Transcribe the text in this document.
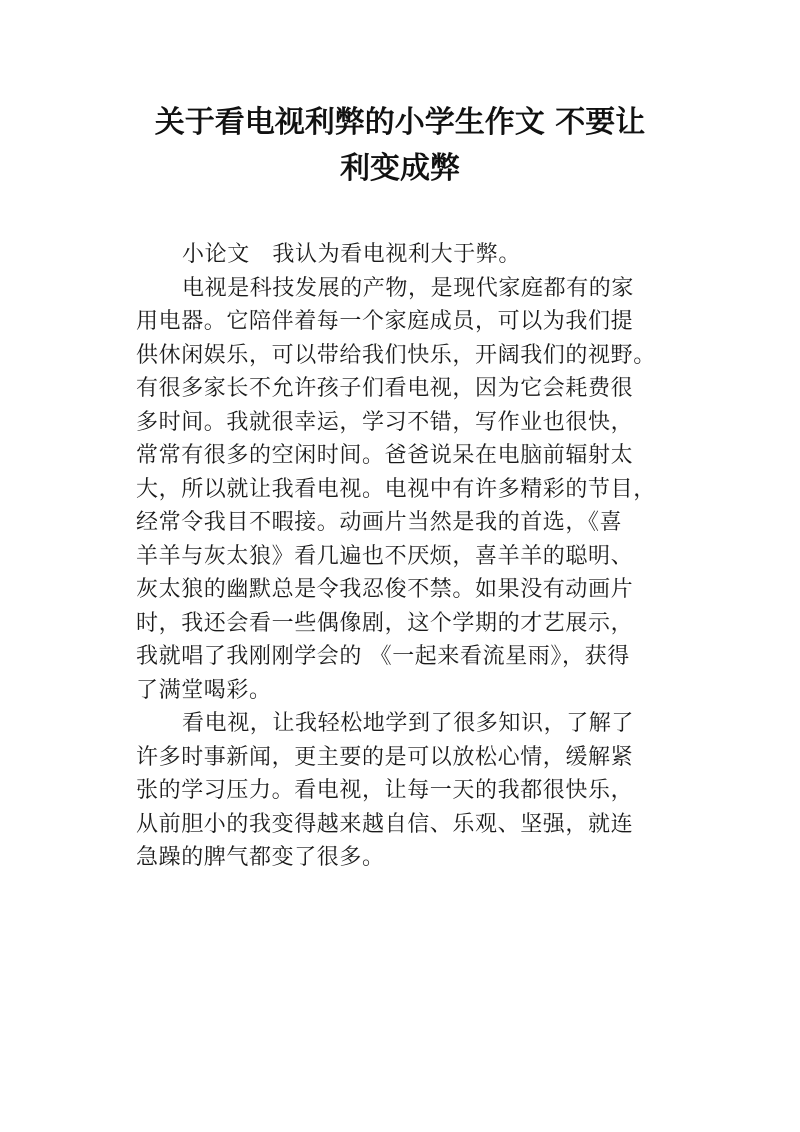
关于看电视利弊的小学生作文 不要让
利变成弊
小论文　我认为看电视利大于弊。
电视是科技发展的产物，是现代家庭都有的家
用电器。它陪伴着每一个家庭成员，可以为我们提
供休闲娱乐，可以带给我们快乐，开阔我们的视野。
有很多家长不允许孩子们看电视，因为它会耗费很
多时间。我就很幸运，学习不错，写作业也很快，
常常有很多的空闲时间。爸爸说呆在电脑前辐射太
大，所以就让我看电视。电视中有许多精彩的节目，
经常令我目不暇接。动画片当然是我的首选，《喜
羊羊与灰太狼》看几遍也不厌烦，喜羊羊的聪明、
灰太狼的幽默总是令我忍俊不禁。如果没有动画片
时，我还会看一些偶像剧，这个学期的才艺展示，
我就唱了我刚刚学会的 《一起来看流星雨》，获得
了满堂喝彩。
看电视，让我轻松地学到了很多知识，了解了
许多时事新闻，更主要的是可以放松心情，缓解紧
张的学习压力。看电视，让每一天的我都很快乐，
从前胆小的我变得越来越自信、乐观、坚强，就连
急躁的脾气都变了很多。
